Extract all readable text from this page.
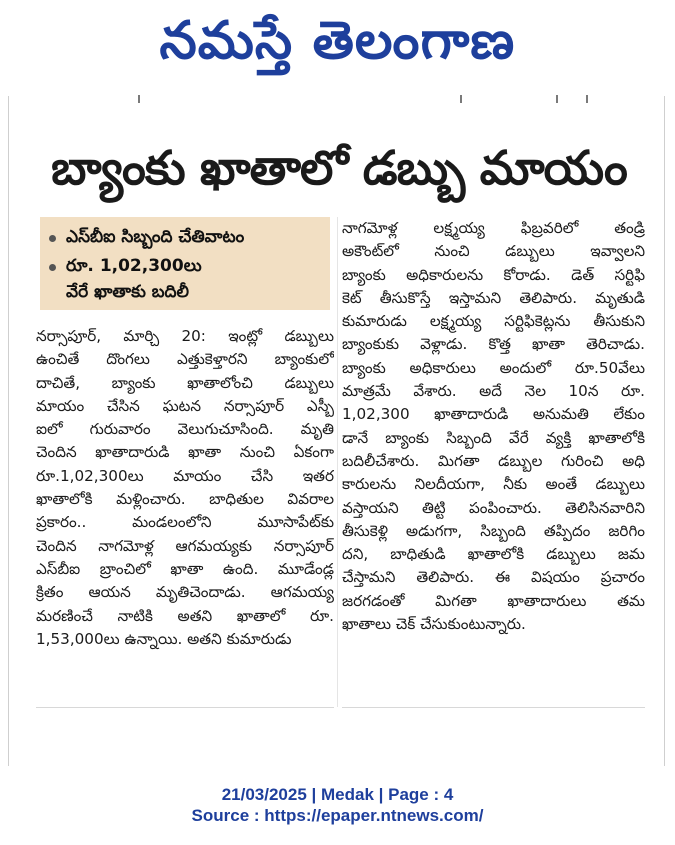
నమస్తే తెలంగాణ
బ్యాంకు ఖాతాలో డబ్బు మాయం
ఎస్‌బీఐ సిబ్బంది చేతివాటం
రూ. 1,02,300లు
వేరే ఖాతాకు బదిలీ
నర్సాపూర్, మార్చి 20: ఇంట్లో డబ్బులు
ఉంచితే దొంగలు ఎత్తుకెళ్తారని బ్యాంకులో
దాచితే, బ్యాంకు ఖాతాలోంచి డబ్బులు
మాయం చేసిన ఘటన నర్సాపూర్ ఎస్బీ
ఐలో గురువారం వెలుగుచూసింది. మృతి
చెందిన ఖాతాదారుడి ఖాతా నుంచి ఏకంగా
రూ.1,02,300లు మాయం చేసి ఇతర
ఖాతాలోకి మళ్లించారు. బాధితుల వివరాల
ప్రకారం.. మండలంలోని మూసాపేట్‌కు
చెందిన నాగమోళ్ల ఆగమయ్యకు నర్సాపూర్
ఎస్‌బీఐ బ్రాంచిలో ఖాతా ఉంది. మూడేండ్ల
క్రితం ఆయన మృతిచెందాడు. ఆగమయ్య
మరణించే నాటికి అతని ఖాతాలో రూ.
1,53,000లు ఉన్నాయి. అతని కుమారుడు
నాగమోళ్ల లక్ష్మయ్య ఫిబ్రవరిలో తండ్రి
అకౌంట్‌లో నుంచి డబ్బులు ఇవ్వాలని
బ్యాంకు అధికారులను కోరాడు. డెత్ సర్టిఫి
కెట్ తీసుకొస్తే ఇస్తామని తెలిపారు. మృతుడి
కుమారుడు లక్ష్మయ్య సర్టిఫికెట్లను తీసుకుని
బ్యాంకుకు వెళ్లాడు. కొత్త ఖాతా తెరిచాడు.
బ్యాంకు అధికారులు అందులో రూ.50వేలు
మాత్రమే వేశారు. అదే నెల 10న రూ.
1,02,300 ఖాతాదారుడి అనుమతి లేకుం
డానే బ్యాంకు సిబ్బంది వేరే వ్యక్తి ఖాతాలోకి
బదిలీచేశారు. మిగతా డబ్బుల గురించి అధి
కారులను నిలదీయగా, నీకు అంతే డబ్బులు
వస్తాయని తిట్టి పంపించారు. తెలిసినవారిని
తీసుకెళ్లి అడుగగా, సిబ్బంది తప్పిదం జరిగిం
దని, బాధితుడి ఖాతాలోకి డబ్బులు జమ
చేస్తామని తెలిపారు. ఈ విషయం ప్రచారం
జరగడంతో మిగతా ఖాతాదారులు తమ
ఖాతాలు చెక్ చేసుకుంటున్నారు.
21/03/2025 | Medak | Page : 4
Source : https://epaper.ntnews.com/
